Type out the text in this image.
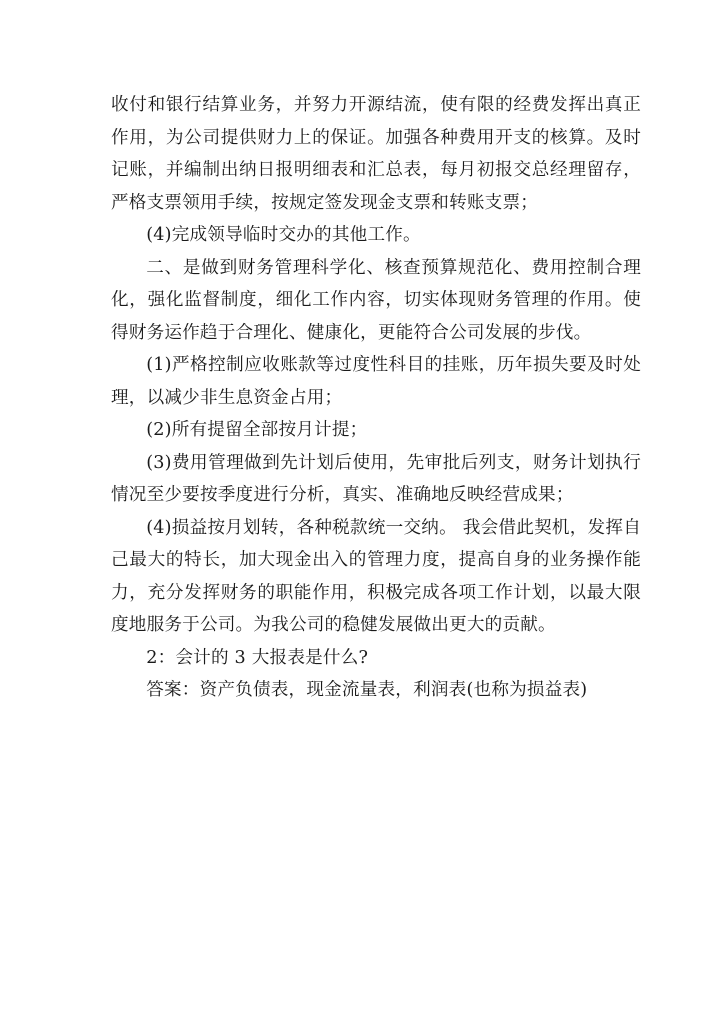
收付和银行结算业务，并努力开源结流，使有限的经费发挥出真正作用，为公司提供财力上的保证。加强各种费用开支的核算。及时记账，并编制出纳日报明细表和汇总表，每月初报交总经理留存，严格支票领用手续，按规定签发现金支票和转账支票；

(4)完成领导临时交办的其他工作。

二、是做到财务管理科学化、核查预算规范化、费用控制合理化，强化监督制度，细化工作内容，切实体现财务管理的作用。使得财务运作趋于合理化、健康化，更能符合公司发展的步伐。

(1)严格控制应收账款等过度性科目的挂账，历年损失要及时处理，以减少非生息资金占用；

(2)所有提留全部按月计提；

(3)费用管理做到先计划后使用，先审批后列支，财务计划执行情况至少要按季度进行分析，真实、准确地反映经营成果；

(4)损益按月划转，各种税款统一交纳。 我会借此契机，发挥自己最大的特长，加大现金出入的管理力度，提高自身的业务操作能力，充分发挥财务的职能作用，积极完成各项工作计划，以最大限度地服务于公司。为我公司的稳健发展做出更大的贡献。

2：会计的 3 大报表是什么?

答案：资产负债表，现金流量表，利润表(也称为损益表)
